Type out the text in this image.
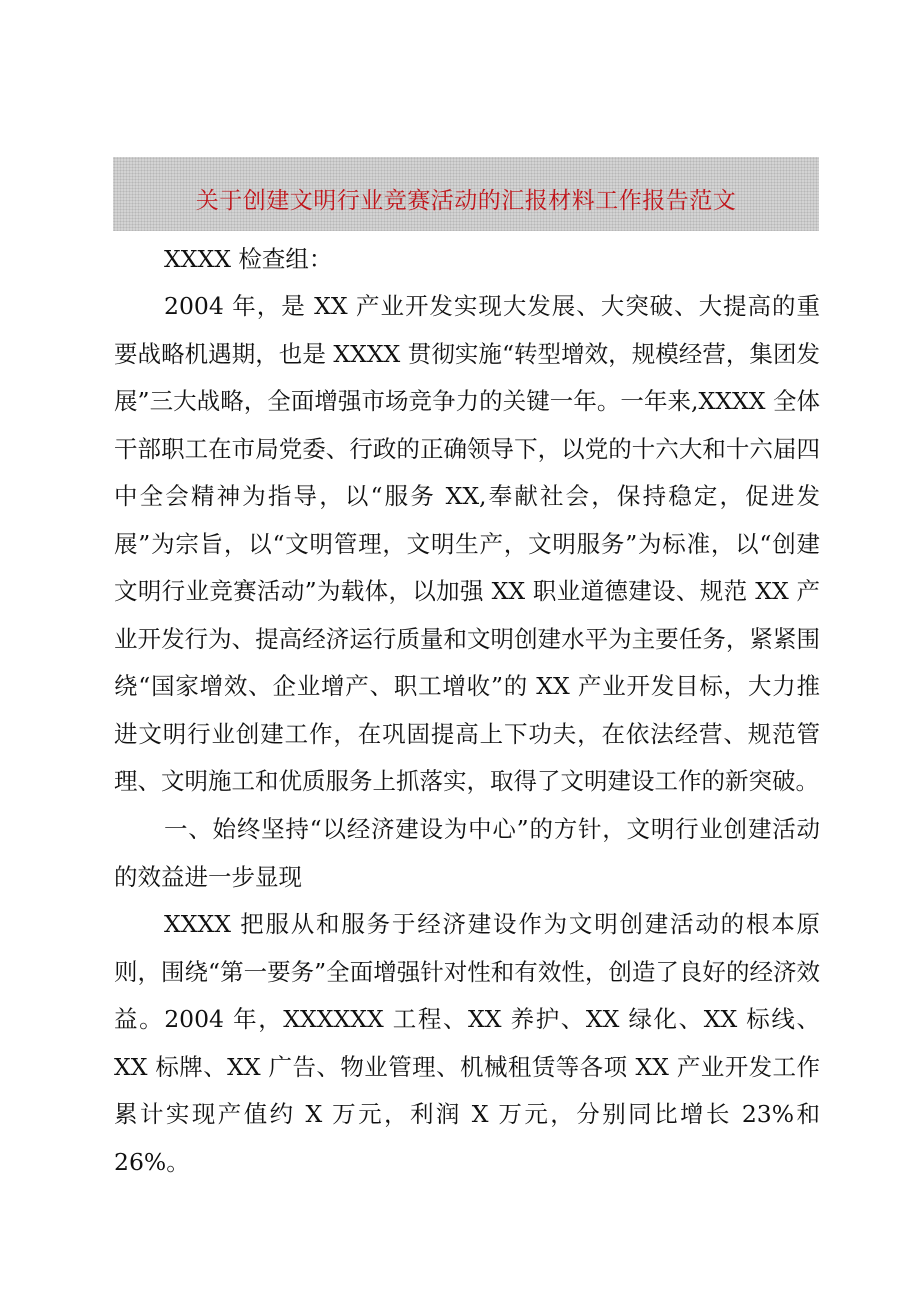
关于创建文明行业竞赛活动的汇报材料工作报告范文
XXXX 检查组：

2004 年，是 XX 产业开发实现大发展、大突破、大提高的重要战略机遇期，也是 XXXX 贯彻实施“转型增效，规模经营，集团发展”三大战略，全面增强市场竞争力的关键一年。一年来,XXXX 全体干部职工在市局党委、行政的正确领导下，以党的十六大和十六届四中全会精神为指导，以“服务 XX,奉献社会，保持稳定，促进发展”为宗旨，以“文明管理，文明生产，文明服务”为标准，以“创建文明行业竞赛活动”为载体，以加强 XX 职业道德建设、规范 XX 产业开发行为、提高经济运行质量和文明创建水平为主要任务，紧紧围绕“国家增效、企业增产、职工增收”的 XX 产业开发目标，大力推进文明行业创建工作，在巩固提高上下功夫，在依法经营、规范管理、文明施工和优质服务上抓落实，取得了文明建设工作的新突破。

一、始终坚持“以经济建设为中心”的方针，文明行业创建活动的效益进一步显现

XXXX 把服从和服务于经济建设作为文明创建活动的根本原则，围绕“第一要务”全面增强针对性和有效性，创造了良好的经济效益。2004 年，XXXXXX 工程、XX 养护、XX 绿化、XX 标线、XX 标牌、XX 广告、物业管理、机械租赁等各项 XX 产业开发工作累计实现产值约 X 万元，利润 X 万元，分别同比增长 23%和 26%。
